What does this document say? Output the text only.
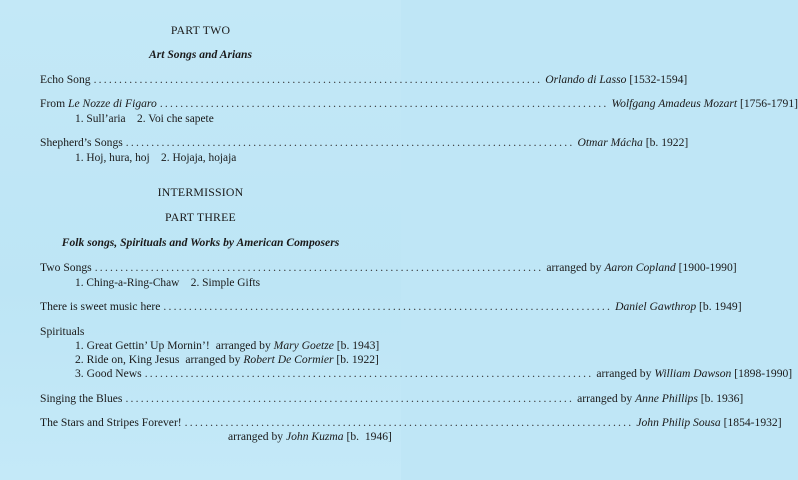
PART TWO
Art Songs and Arians
Echo Song ........................................................................................ Orlando di Lasso [1532-1594]
From Le Nozze di Figaro ........................................................................................ Wolfgang Amadeus Mozart [1756-1791]
1. Sull’aria    2. Voi che sapete
Shepherd’s Songs ........................................................................................ Otmar Mácha [b. 1922]
1. Hoj, hura, hoj    2. Hojaja, hojaja
INTERMISSION
PART THREE
Folk songs, Spirituals and Works by American Composers
Two Songs ........................................................................................ arranged by Aaron Copland [1900-1990]
1. Ching-a-Ring-Chaw    2. Simple Gifts
There is sweet music here ........................................................................................ Daniel Gawthrop [b. 1949]
Spirituals
1. Great Gettin’ Up Mornin’! arranged by Mary Goetze [b. 1943]
2. Ride on, King Jesus arranged by Robert De Cormier [b. 1922]
3. Good News ........................................................................................ arranged by William Dawson [1898-1990]
Singing the Blues ........................................................................................ arranged by Anne Phillips [b. 1936]
The Stars and Stripes Forever! ........................................................................................ John Philip Sousa [1854-1932]
arranged by John Kuzma [b.  1946]
